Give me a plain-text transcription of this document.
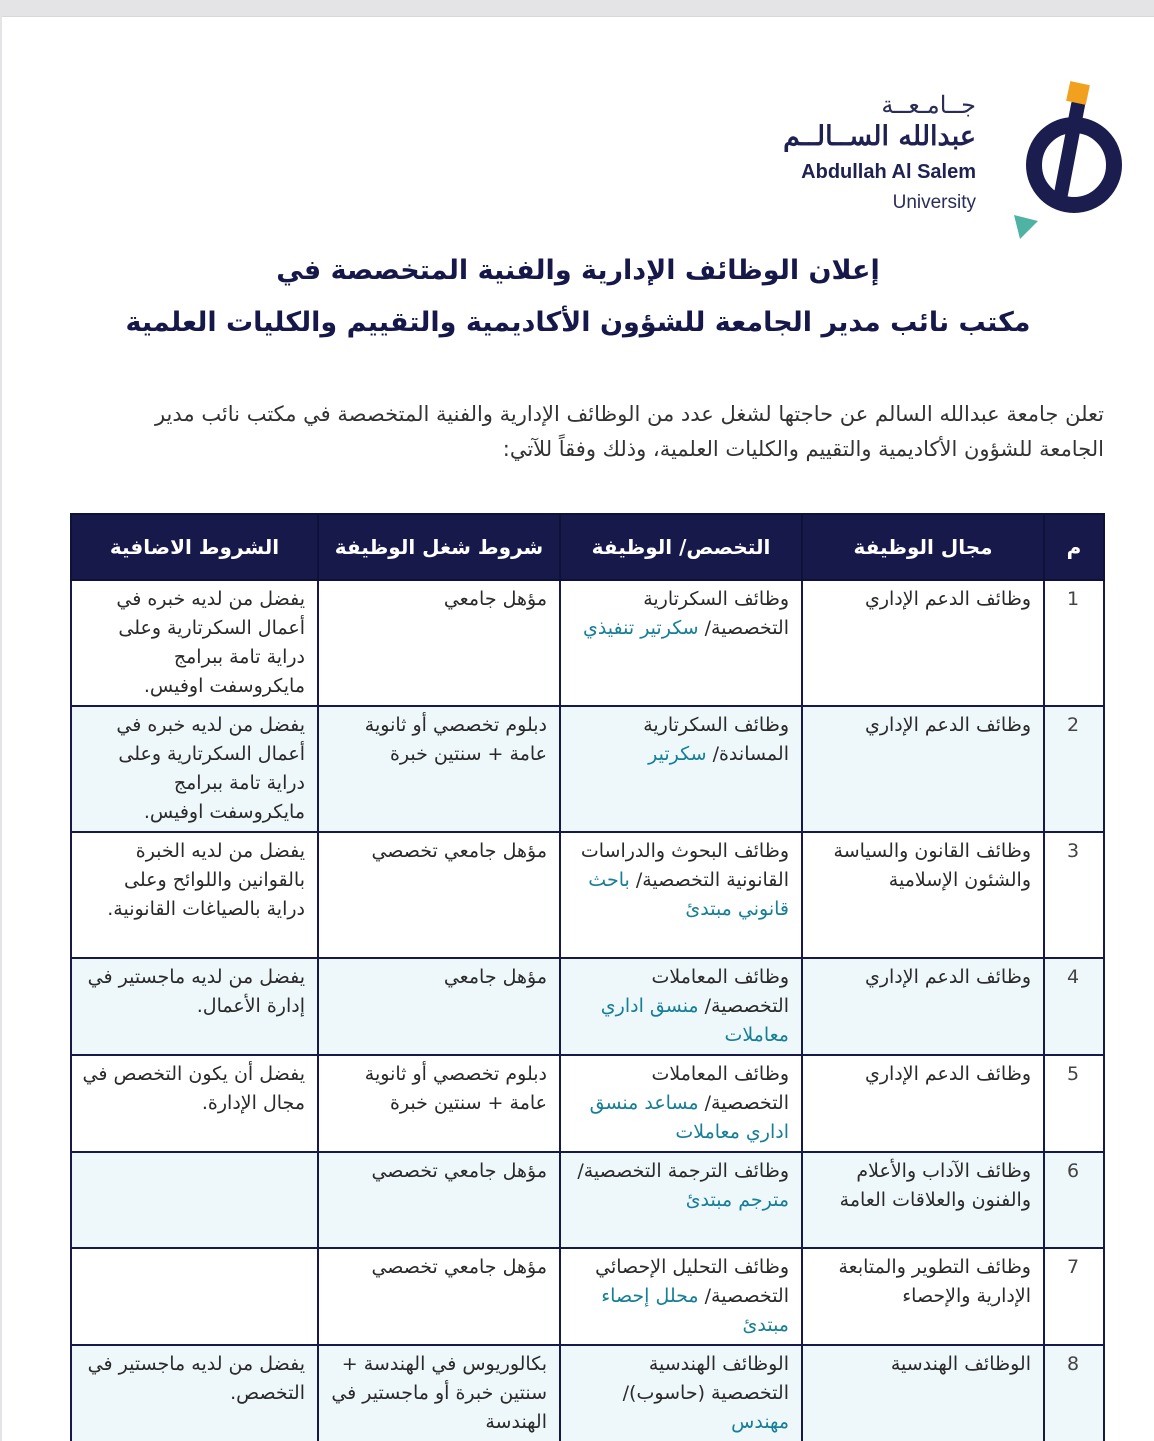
جــامـعــة
عبدالله الســالــم
Abdullah Al Salem
University
إعلان الوظائف الإدارية والفنية المتخصصة في
مكتب نائب مدير الجامعة للشؤون الأكاديمية والتقييم والكليات العلمية
تعلن جامعة عبدالله السالم عن حاجتها لشغل عدد من الوظائف الإدارية والفنية المتخصصة في مكتب نائب مدير الجامعة للشؤون الأكاديمية والتقييم والكليات العلمية، وذلك وفقاً للآتي:
م	مجال الوظيفة	التخصص/ الوظيفة	شروط شغل الوظيفة	الشروط الاضافية
1	وظائف الدعم الإداري	وظائف السكرتارية التخصصية/ سكرتير تنفيذي	مؤهل جامعي	يفضل من لديه خبره في أعمال السكرتارية وعلى دراية تامة ببرامج مايكروسفت اوفيس.
2	وظائف الدعم الإداري	وظائف السكرتارية المساندة/ سكرتير	دبلوم تخصصي أو ثانوية عامة + سنتين خبرة	يفضل من لديه خبره في أعمال السكرتارية وعلى دراية تامة ببرامج مايكروسفت اوفيس.
3	وظائف القانون والسياسة والشئون الإسلامية	وظائف البحوث والدراسات القانونية التخصصية/ باحث قانوني مبتدئ	مؤهل جامعي تخصصي	يفضل من لديه الخبرة بالقوانين واللوائح وعلى دراية بالصياغات القانونية.
4	وظائف الدعم الإداري	وظائف المعاملات التخصصية/ منسق اداري معاملات	مؤهل جامعي	يفضل من لديه ماجستير في إدارة الأعمال.
5	وظائف الدعم الإداري	وظائف المعاملات التخصصية/ مساعد منسق اداري معاملات	دبلوم تخصصي أو ثانوية عامة + سنتين خبرة	يفضل أن يكون التخصص في مجال الإدارة.
6	وظائف الآداب والأعلام والفنون والعلاقات العامة	وظائف الترجمة التخصصية/ مترجم مبتدئ	مؤهل جامعي تخصصي	
7	وظائف التطوير والمتابعة الإدارية والإحصاء	وظائف التحليل الإحصائي التخصصية/ محلل إحصاء مبتدئ	مؤهل جامعي تخصصي	
8	الوظائف الهندسية	الوظائف الهندسية التخصصية (حاسوب)/ مهندس	بكالوريوس في الهندسة + سنتين خبرة أو ماجستير في الهندسة	يفضل من لديه ماجستير في التخصص.
